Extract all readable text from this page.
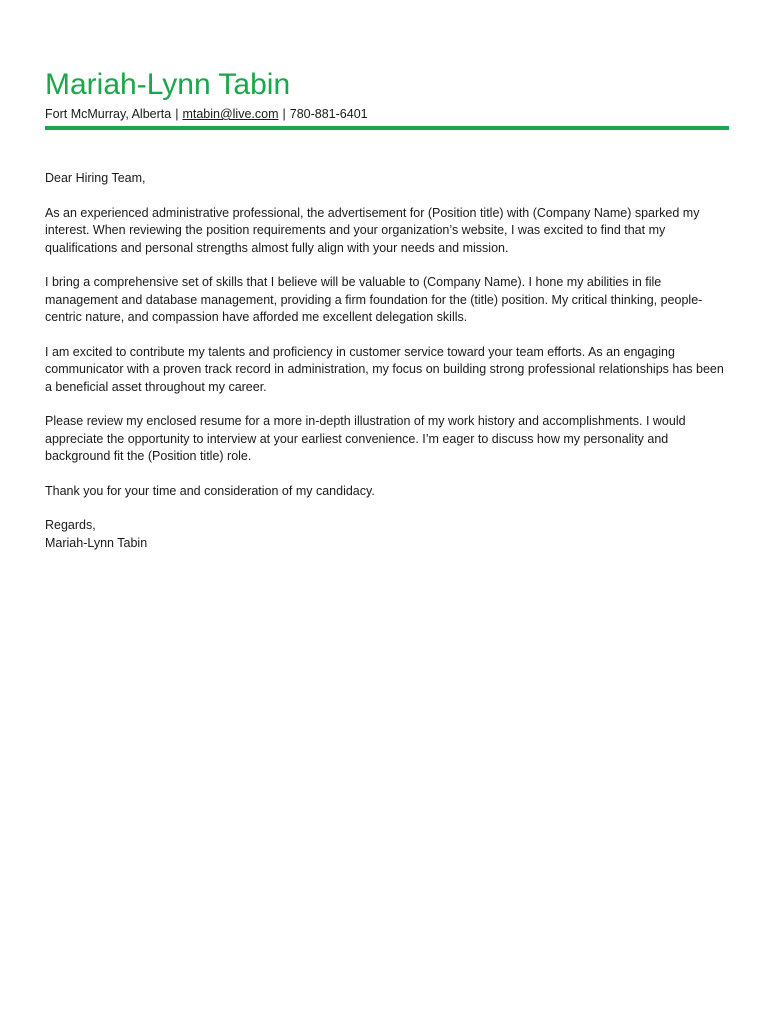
Mariah-Lynn Tabin
Fort McMurray, Alberta | mtabin@live.com | 780-881-6401

Dear Hiring Team,

As an experienced administrative professional, the advertisement for (Position title) with (Company Name) sparked my interest. When reviewing the position requirements and your organization’s website, I was excited to find that my qualifications and personal strengths almost fully align with your needs and mission.

I bring a comprehensive set of skills that I believe will be valuable to (Company Name). I hone my abilities in file management and database management, providing a firm foundation for the (title) position. My critical thinking, people-centric nature, and compassion have afforded me excellent delegation skills.

I am excited to contribute my talents and proficiency in customer service toward your team efforts. As an engaging communicator with a proven track record in administration, my focus on building strong professional relationships has been a beneficial asset throughout my career.

Please review my enclosed resume for a more in-depth illustration of my work history and accomplishments. I would appreciate the opportunity to interview at your earliest convenience. I’m eager to discuss how my personality and background fit the (Position title) role.

Thank you for your time and consideration of my candidacy.

Regards,
Mariah-Lynn Tabin
